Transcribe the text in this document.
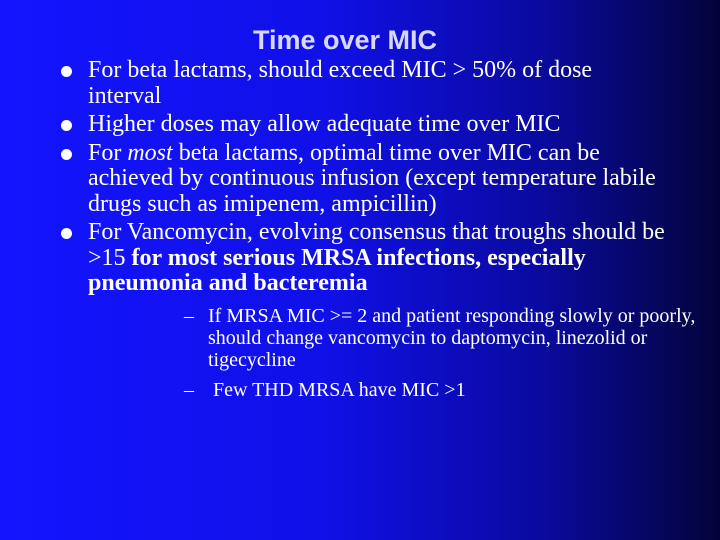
Time over MIC
For beta lactams, should exceed MIC > 50% of dose interval
Higher doses may allow adequate time over MIC
For most beta lactams, optimal time over MIC can be achieved by continuous infusion (except temperature labile drugs such as imipenem, ampicillin)
For Vancomycin, evolving consensus that troughs should be >15 for most serious MRSA infections, especially pneumonia and bacteremia
– If MRSA MIC >= 2 and patient responding slowly or poorly, should change vancomycin to daptomycin, linezolid or tigecycline
– Few THD MRSA have MIC >1
